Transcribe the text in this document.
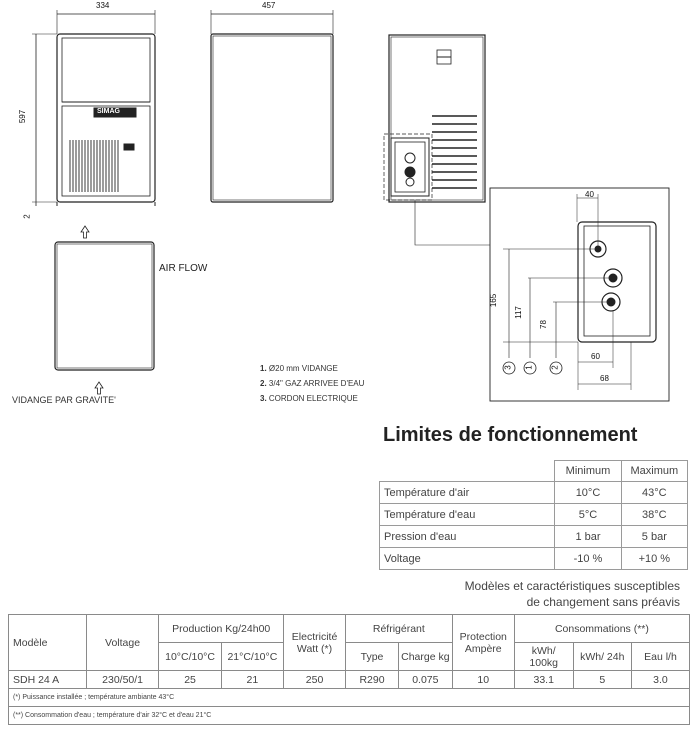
334	457
597
2
SIMAG
40
165
117
78
60
68
3 1 2
AIR FLOW
VIDANGE PAR GRAVITE'
1. Ø20 mm VIDANGE
2. 3/4" GAZ ARRIVEE D'EAU
3. CORDON ELECTRIQUE
Limites de fonctionnement
	Minimum	Maximum
Température d'air	10°C	43°C
Température d'eau	5°C	38°C
Pression d'eau	1 bar	5 bar
Voltage	-10 %	+10 %
Modèles et caractéristiques susceptibles
de changement sans préavis
Modèle	Voltage	Production Kg/24h00		Electricité Watt (*)	Réfrigérant		Protection Ampère	Consommations (**)		
		10°C/10°C	21°C/10°C		Type	Charge kg		kWh/ 100kg	kWh/ 24h	Eau l/h
SDH 24 A	230/50/1	25	21	250	R290	0.075	10	33.1	5	3.0
(*) Puissance installée ; température ambiante 43°C										
(**) Consommation d'eau ; température d'air 32°C et d'eau 21°C										
